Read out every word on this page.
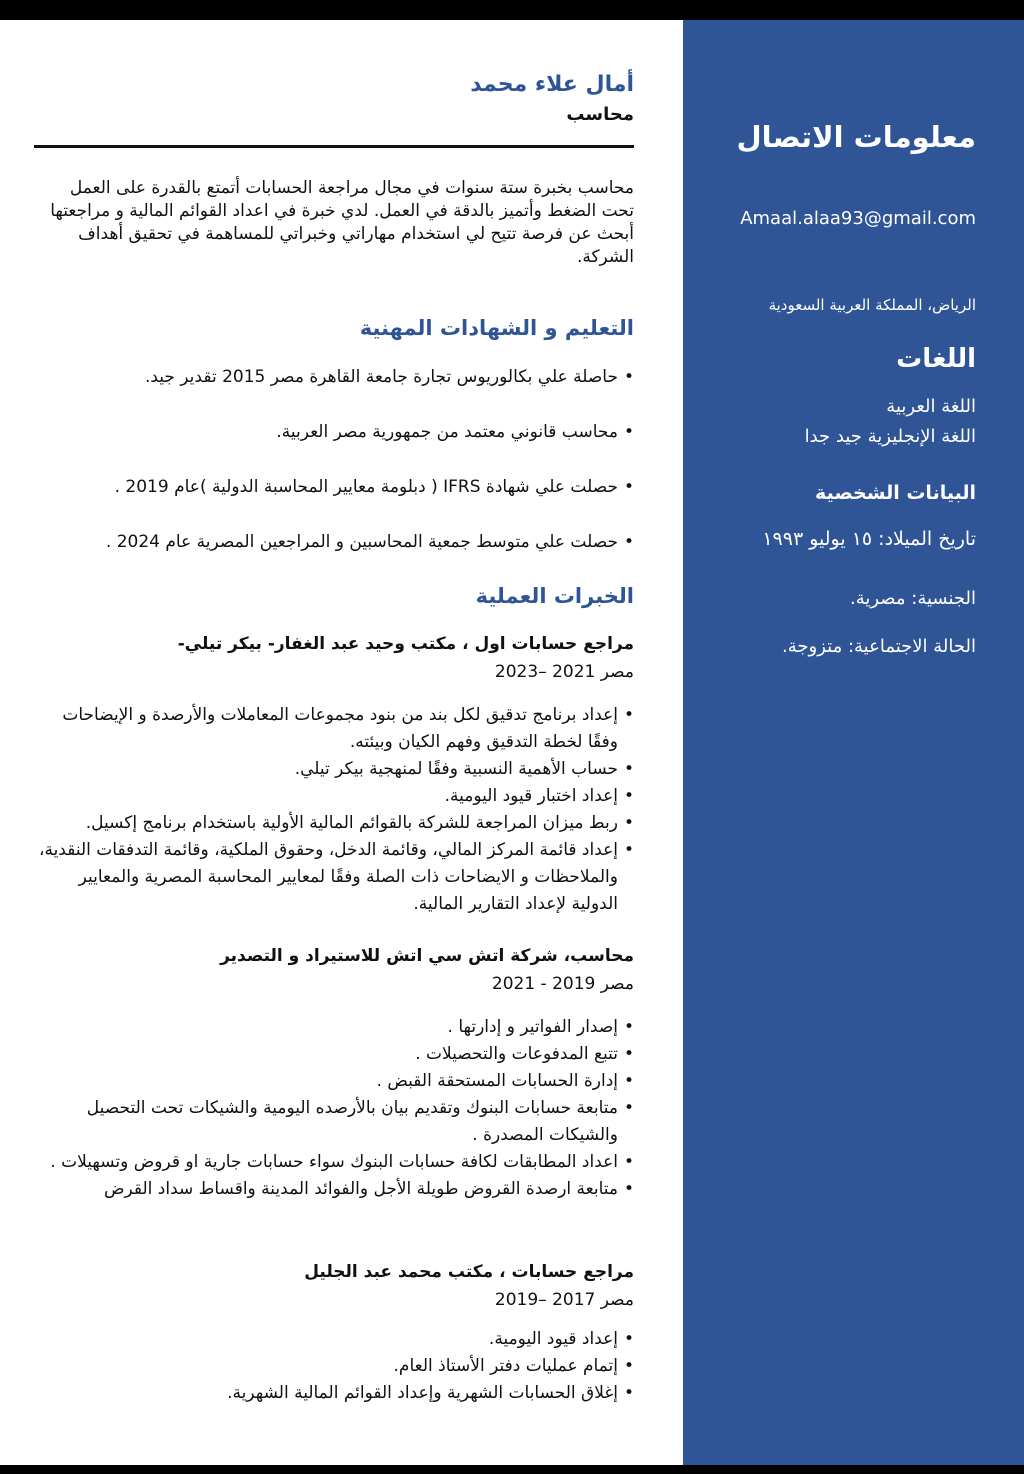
أمال علاء محمد
محاسب
محاسب بخبرة ستة سنوات في مجال مراجعة الحسابات أتمتع بالقدرة على العمل تحت الضغط وأتميز بالدقة في العمل. لدي خبرة في اعداد القوائم المالية و مراجعتها أبحث عن فرصة تتيح لي استخدام مهاراتي وخبراتي للمساهمة في تحقيق أهداف الشركة.
التعليم و الشهادات المهنية
• حاصلة علي بكالوريوس تجارة جامعة القاهرة مصر 2015 تقدير جيد.
• محاسب قانوني معتمد من جمهورية مصر العربية.
• حصلت علي شهادة IFRS ( دبلومة معايير المحاسبة الدولية )عام 2019 .
• حصلت علي متوسط جمعية المحاسبين و المراجعين المصرية عام 2024 .
الخبرات العملية
مراجع حسابات اول ، مكتب وحيد عبد الغفار- بيكر تيلي-
مصر 2021 –2023
• إعداد برنامج تدقيق لكل بند من بنود مجموعات المعاملات والأرصدة و الإيضاحات وفقًا لخطة التدقيق وفهم الكيان وبيئته.
• حساب الأهمية النسبية وفقًا لمنهجية بيكر تيلي.
• إعداد اختبار قيود اليومية.
• ربط ميزان المراجعة للشركة بالقوائم المالية الأولية باستخدام برنامج إكسيل.
• إعداد قائمة المركز المالي، وقائمة الدخل، وحقوق الملكية، وقائمة التدفقات النقدية، والملاحظات و الايضاحات ذات الصلة وفقًا لمعايير المحاسبة المصرية والمعايير الدولية لإعداد التقارير المالية.
محاسب، شركة اتش سي اتش للاستيراد و التصدير
مصر 2019 - 2021
• إصدار الفواتير و إدارتها .
• تتبع المدفوعات والتحصيلات .
• إدارة الحسابات المستحقة القبض .
• متابعة حسابات البنوك وتقديم بيان بالأرصده اليومية والشيكات تحت التحصيل والشيكات المصدرة .
• اعداد المطابقات لكافة حسابات البنوك سواء حسابات جارية او قروض وتسهيلات .
• متابعة ارصدة القروض طويلة الأجل والفوائد المدينة واقساط سداد القرض
مراجع حسابات ، مكتب محمد عبد الجليل
مصر 2017 –2019
• إعداد قيود اليومية.
• إتمام عمليات دفتر الأستاذ العام.
• إغلاق الحسابات الشهرية وإعداد القوائم المالية الشهرية.
معلومات الاتصال
Amaal.alaa93@gmail.com
الرياض، المملكة العربية السعودية
اللغات
اللغة العربية
اللغة الإنجليزية جيد جدا
البيانات الشخصية
تاريخ الميلاد: ١٥ يوليو ١٩٩٣
الجنسية: مصرية.
الحالة الاجتماعية: متزوجة.
